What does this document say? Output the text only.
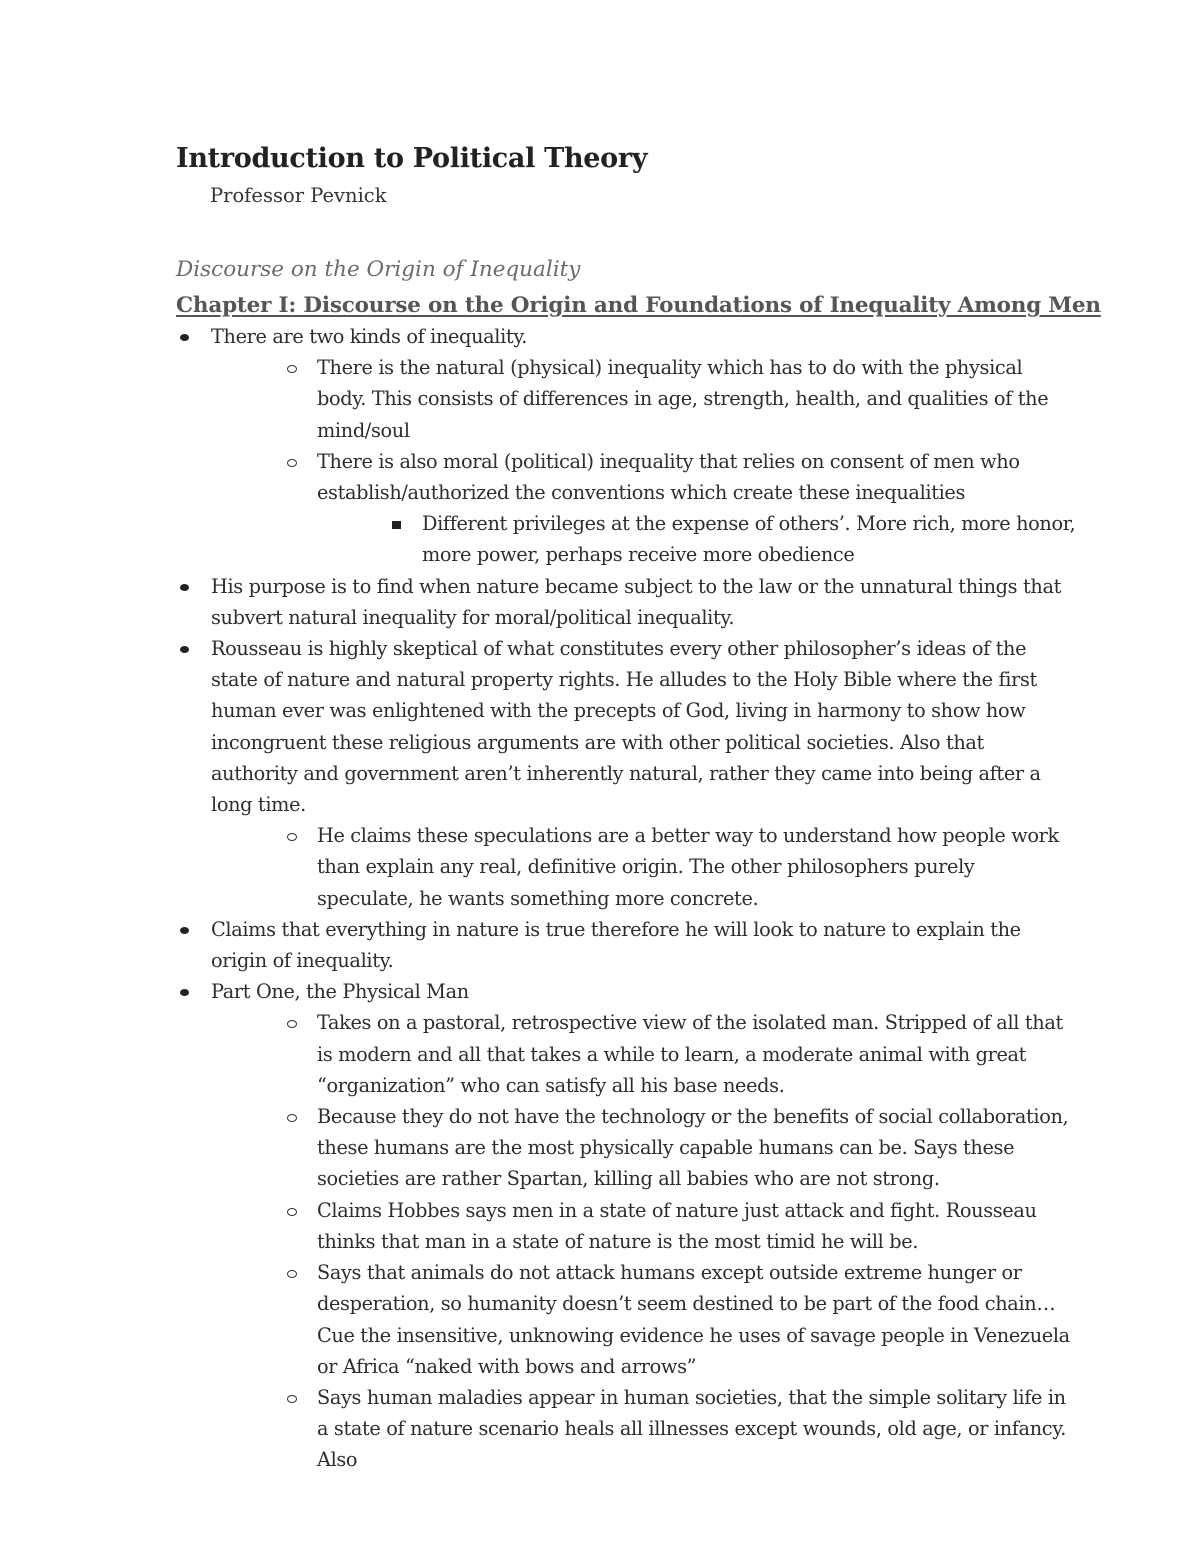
Introduction to Political Theory
Professor Pevnick
Discourse on the Origin of Inequality
Chapter I: Discourse on the Origin and Foundations of Inequality Among Men
There are two kinds of inequality.
There is the natural (physical) inequality which has to do with the physical body. This consists of differences in age, strength, health, and qualities of the mind/soul
There is also moral (political) inequality that relies on consent of men who establish/authorized the conventions which create these inequalities
Different privileges at the expense of others’. More rich, more honor, more power, perhaps receive more obedience
His purpose is to find when nature became subject to the law or the unnatural things that subvert natural inequality for moral/political inequality.
Rousseau is highly skeptical of what constitutes every other philosopher’s ideas of the state of nature and natural property rights. He alludes to the Holy Bible where the first human ever was enlightened with the precepts of God, living in harmony to show how incongruent these religious arguments are with other political societies. Also that authority and government aren’t inherently natural, rather they came into being after a long time.
He claims these speculations are a better way to understand how people work than explain any real, definitive origin. The other philosophers purely speculate, he wants something more concrete.
Claims that everything in nature is true therefore he will look to nature to explain the origin of inequality.
Part One, the Physical Man
Takes on a pastoral, retrospective view of the isolated man. Stripped of all that is modern and all that takes a while to learn, a moderate animal with great “organization” who can satisfy all his base needs.
Because they do not have the technology or the benefits of social collaboration, these humans are the most physically capable humans can be. Says these societies are rather Spartan, killing all babies who are not strong.
Claims Hobbes says men in a state of nature just attack and fight. Rousseau thinks that man in a state of nature is the most timid he will be.
Says that animals do not attack humans except outside extreme hunger or desperation, so humanity doesn’t seem destined to be part of the food chain…Cue the insensitive, unknowing evidence he uses of savage people in Venezuela or Africa “naked with bows and arrows”
Says human maladies appear in human societies, that the simple solitary life in a state of nature scenario heals all illnesses except wounds, old age, or infancy. Also
